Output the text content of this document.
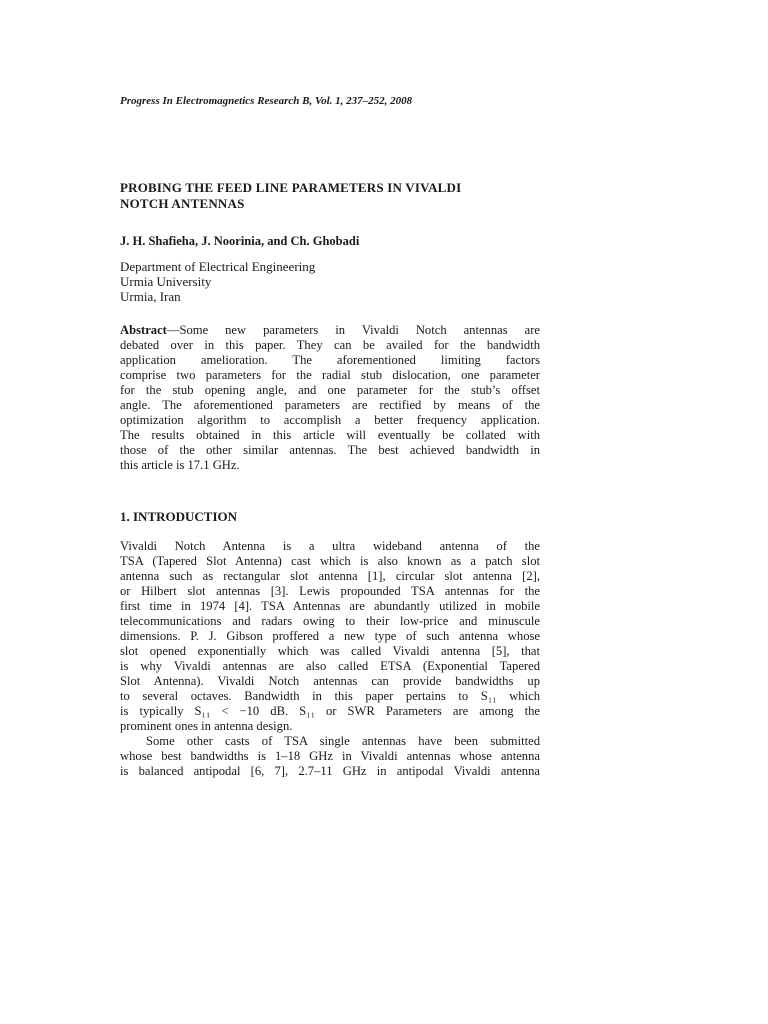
Progress In Electromagnetics Research B, Vol. 1, 237–252, 2008
PROBING THE FEED LINE PARAMETERS IN VIVALDI
NOTCH ANTENNAS
J. H. Shafieha, J. Noorinia, and Ch. Ghobadi
Department of Electrical Engineering
Urmia University
Urmia, Iran
Abstract—Some new parameters in Vivaldi Notch antennas are
debated over in this paper. They can be availed for the bandwidth
application amelioration. The aforementioned limiting factors
comprise two parameters for the radial stub dislocation, one parameter
for the stub opening angle, and one parameter for the stub’s offset
angle. The aforementioned parameters are rectified by means of the
optimization algorithm to accomplish a better frequency application.
The results obtained in this article will eventually be collated with
those of the other similar antennas. The best achieved bandwidth in
this article is 17.1 GHz.
1. INTRODUCTION
Vivaldi Notch Antenna is a ultra wideband antenna of the
TSA (Tapered Slot Antenna) cast which is also known as a patch slot
antenna such as rectangular slot antenna [1], circular slot antenna [2],
or Hilbert slot antennas [3]. Lewis propounded TSA antennas for the
first time in 1974 [4]. TSA Antennas are abundantly utilized in mobile
telecommunications and radars owing to their low-price and minuscule
dimensions. P. J. Gibson proffered a new type of such antenna whose
slot opened exponentially which was called Vivaldi antenna [5], that
is why Vivaldi antennas are also called ETSA (Exponential Tapered
Slot Antenna). Vivaldi Notch antennas can provide bandwidths up
to several octaves. Bandwidth in this paper pertains to S₁₁ which
is typically S₁₁ < −10 dB. S₁₁ or SWR Parameters are among the
prominent ones in antenna design.
Some other casts of TSA single antennas have been submitted
whose best bandwidths is 1–18 GHz in Vivaldi antennas whose antenna
is balanced antipodal [6, 7], 2.7–11 GHz in antipodal Vivaldi antenna
